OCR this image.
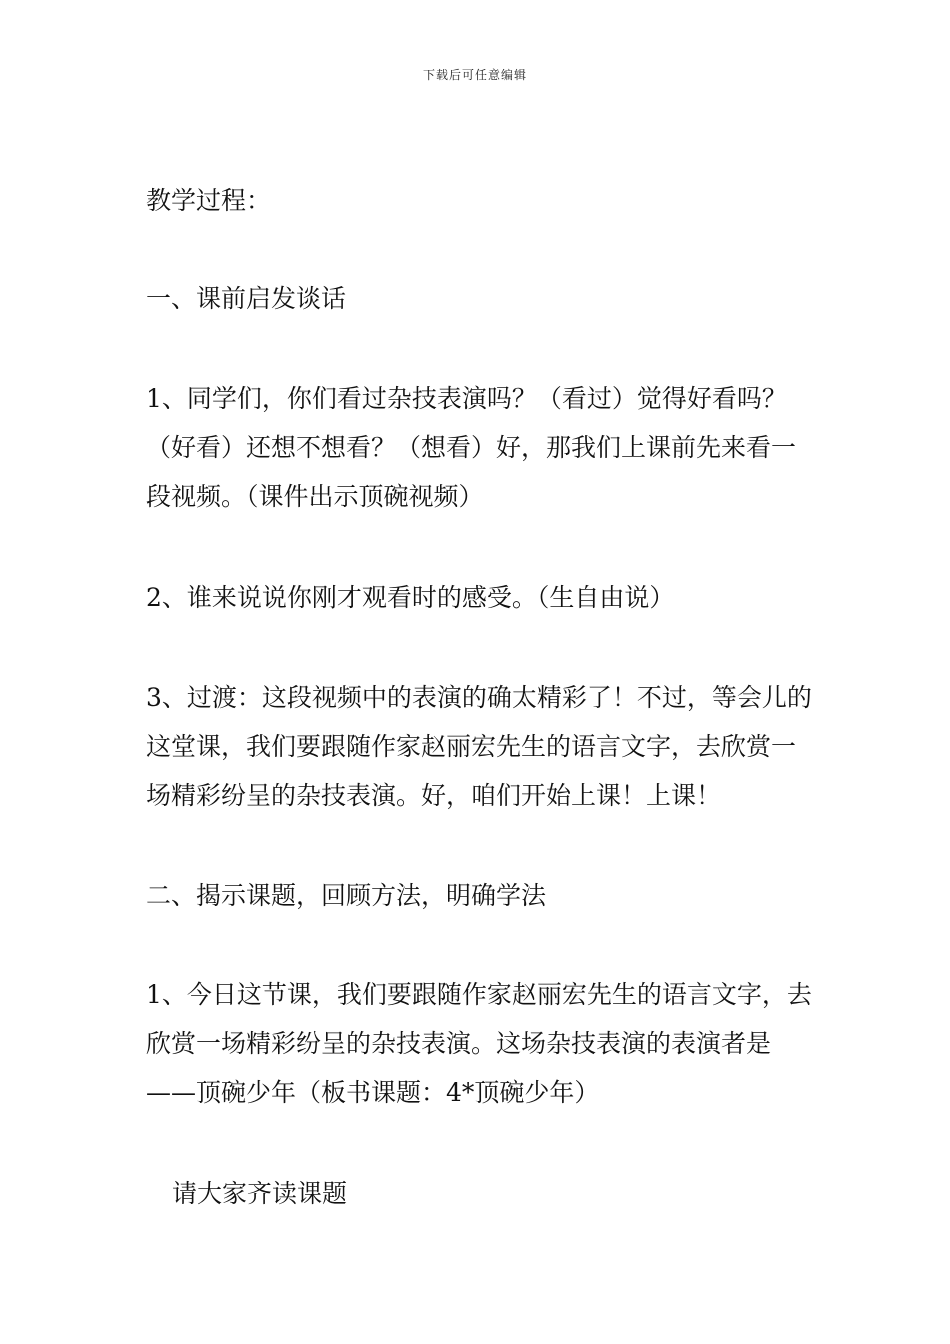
下载后可任意编辑

教学过程：

一、课前启发谈话

1、同学们，你们看过杂技表演吗？（看过）觉得好看吗？（好看）还想不想看？（想看）好，那我们上课前先来看一段视频。（课件出示顶碗视频）

2、谁来说说你刚才观看时的感受。（生自由说）

3、过渡：这段视频中的表演的确太精彩了！不过，等会儿的这堂课，我们要跟随作家赵丽宏先生的语言文字，去欣赏一场精彩纷呈的杂技表演。好，咱们开始上课！上课！

二、揭示课题，回顾方法，明确学法

1、今日这节课，我们要跟随作家赵丽宏先生的语言文字，去欣赏一场精彩纷呈的杂技表演。这场杂技表演的表演者是——顶碗少年（板书课题：4*顶碗少年）

请大家齐读课题
